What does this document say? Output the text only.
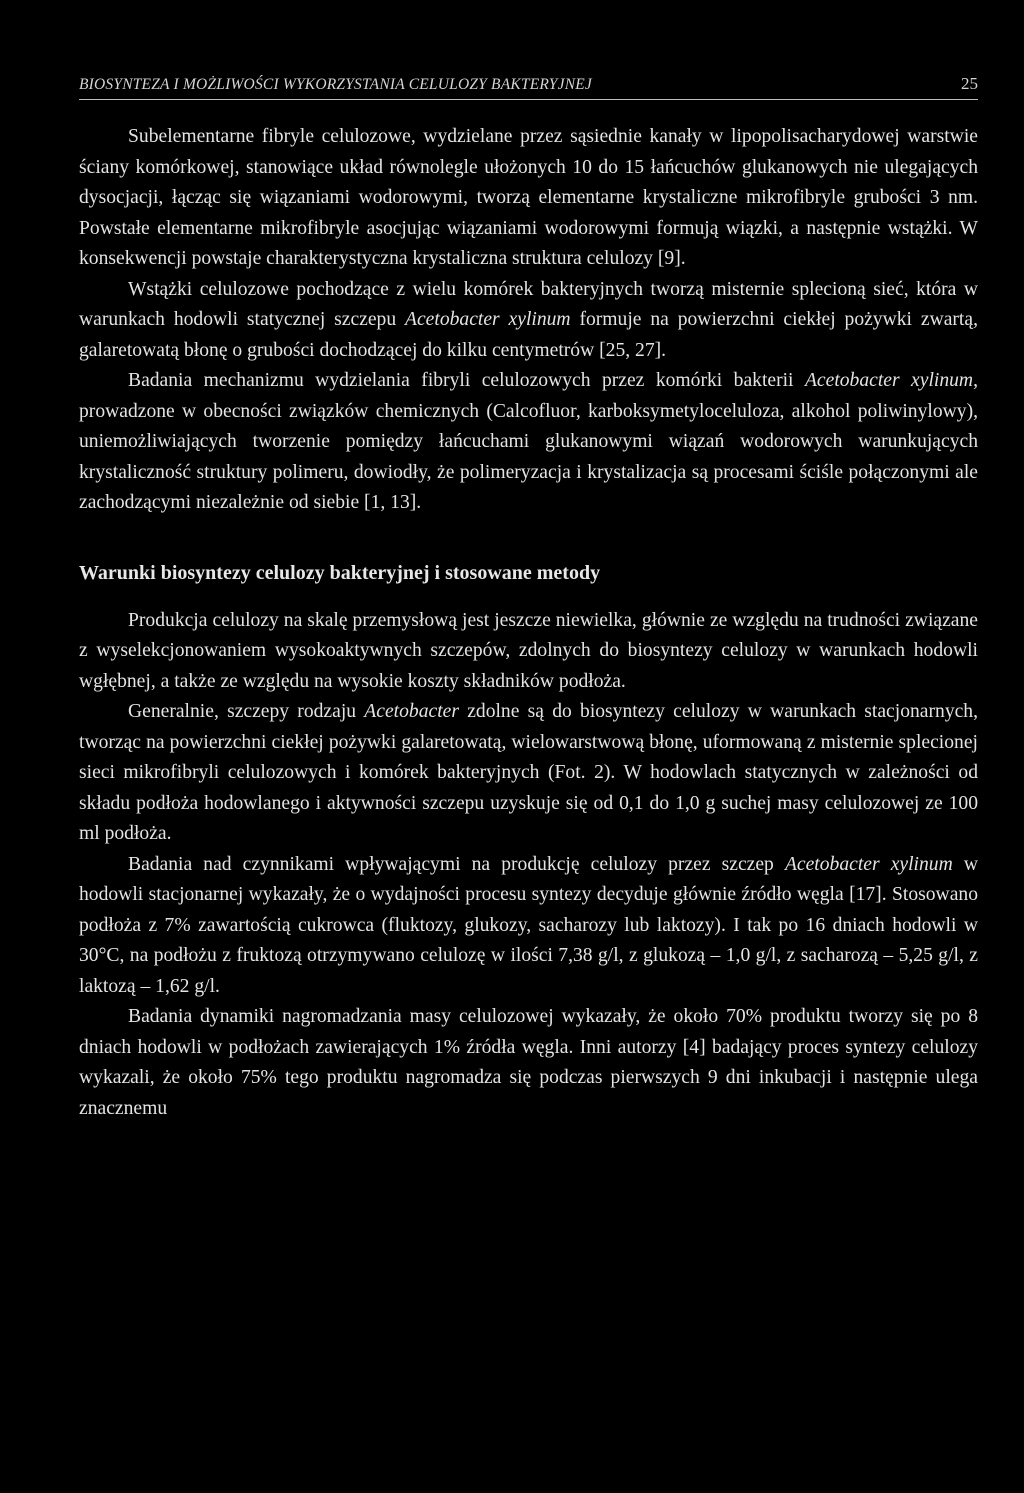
BIOSYNTEZA I MOŻLIWOŚCI WYKORZYSTANIA CELULOZY BAKTERYJNEJ	25

Subelementarne fibryle celulozowe, wydzielane przez sąsiednie kanały w lipopolisacharydowej warstwie ściany komórkowej, stanowiące układ równolegle ułożonych 10 do 15 łańcuchów glukanowych nie ulegających dysocjacji, łącząc się wiązaniami wodorowymi, tworzą elementarne krystaliczne mikrofibryle grubości 3 nm. Powstałe elementarne mikrofibryle asocjując wiązaniami wodorowymi formują wiązki, a następnie wstążki. W konsekwencji powstaje charakterystyczna krystaliczna struktura celulozy [9].

Wstążki celulozowe pochodzące z wielu komórek bakteryjnych tworzą misternie splecioną sieć, która w warunkach hodowli statycznej szczepu Acetobacter xylinum formuje na powierzchni ciekłej pożywki zwartą, galaretowatą błonę o grubości dochodzącej do kilku centymetrów [25, 27].

Badania mechanizmu wydzielania fibryli celulozowych przez komórki bakterii Acetobacter xylinum, prowadzone w obecności związków chemicznych (Calcofluor, karboksymetyloceluloza, alkohol poliwinylowy), uniemożliwiających tworzenie pomiędzy łańcuchami glukanowymi wiązań wodorowych warunkujących krystaliczność struktury polimeru, dowiodły, że polimeryzacja i krystalizacja są procesami ściśle połączonymi ale zachodzącymi niezależnie od siebie [1, 13].

Warunki biosyntezy celulozy bakteryjnej i stosowane metody

Produkcja celulozy na skalę przemysłową jest jeszcze niewielka, głównie ze względu na trudności związane z wyselekcjonowaniem wysokoaktywnych szczepów, zdolnych do biosyntezy celulozy w warunkach hodowli wgłębnej, a także ze względu na wysokie koszty składników podłoża.

Generalnie, szczepy rodzaju Acetobacter zdolne są do biosyntezy celulozy w warunkach stacjonarnych, tworząc na powierzchni ciekłej pożywki galaretowatą, wielowarstwową błonę, uformowaną z misternie splecionej sieci mikrofibryli celulozowych i komórek bakteryjnych (Fot. 2). W hodowlach statycznych w zależności od składu podłoża hodowlanego i aktywności szczepu uzyskuje się od 0,1 do 1,0 g suchej masy celulozowej ze 100 ml podłoża.

Badania nad czynnikami wpływającymi na produkcję celulozy przez szczep Acetobacter xylinum w hodowli stacjonarnej wykazały, że o wydajności procesu syntezy decyduje głównie źródło węgla [17]. Stosowano podłoża z 7% zawartością cukrowca (fluktozy, glukozy, sacharozy lub laktozy). I tak po 16 dniach hodowli w 30°C, na podłożu z fruktozą otrzymywano celulozę w ilości 7,38 g/l, z glukozą – 1,0 g/l, z sacharozą – 5,25 g/l, z laktozą – 1,62 g/l.

Badania dynamiki nagromadzania masy celulozowej wykazały, że około 70% produktu tworzy się po 8 dniach hodowli w podłożach zawierających 1% źródła węgla. Inni autorzy [4] badający proces syntezy celulozy wykazali, że około 75% tego produktu nagromadza się podczas pierwszych 9 dni inkubacji i następnie ulega znacznemu
